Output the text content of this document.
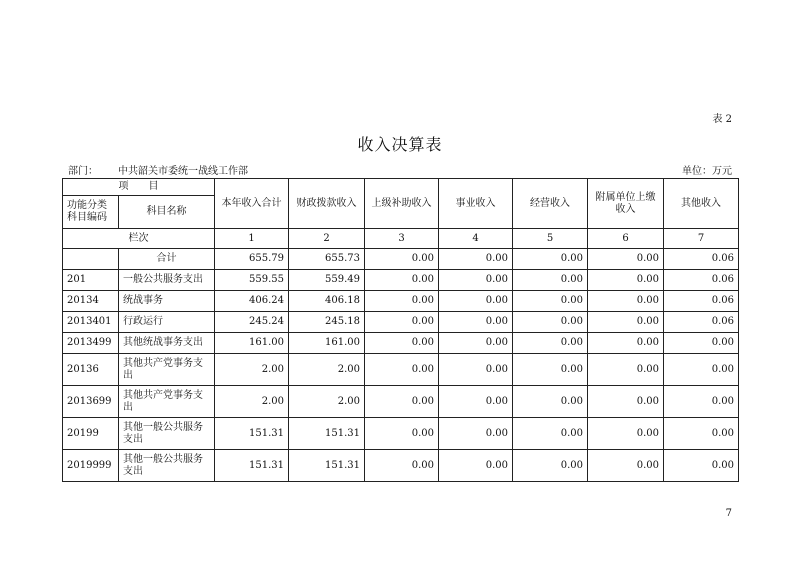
表 2
收入决算表
部门： 中共韶关市委统一战线工作部	单位：万元
项　　目		本年收入合计	财政拨款收入	上级补助收入	事业收入	经营收入	附属单位上缴收入	其他收入
功能分类科目编码	科目名称							
栏次		1	2	3	4	5	6	7
	合计	655.79	655.73	0.00	0.00	0.00	0.00	0.06
201	一般公共服务支出	559.55	559.49	0.00	0.00	0.00	0.00	0.06
20134	统战事务	406.24	406.18	0.00	0.00	0.00	0.00	0.06
2013401	行政运行	245.24	245.18	0.00	0.00	0.00	0.00	0.06
2013499	其他统战事务支出	161.00	161.00	0.00	0.00	0.00	0.00	0.00
20136	其他共产党事务支出	2.00	2.00	0.00	0.00	0.00	0.00	0.00
2013699	其他共产党事务支出	2.00	2.00	0.00	0.00	0.00	0.00	0.00
20199	其他一般公共服务支出	151.31	151.31	0.00	0.00	0.00	0.00	0.00
2019999	其他一般公共服务支出	151.31	151.31	0.00	0.00	0.00	0.00	0.00
7
